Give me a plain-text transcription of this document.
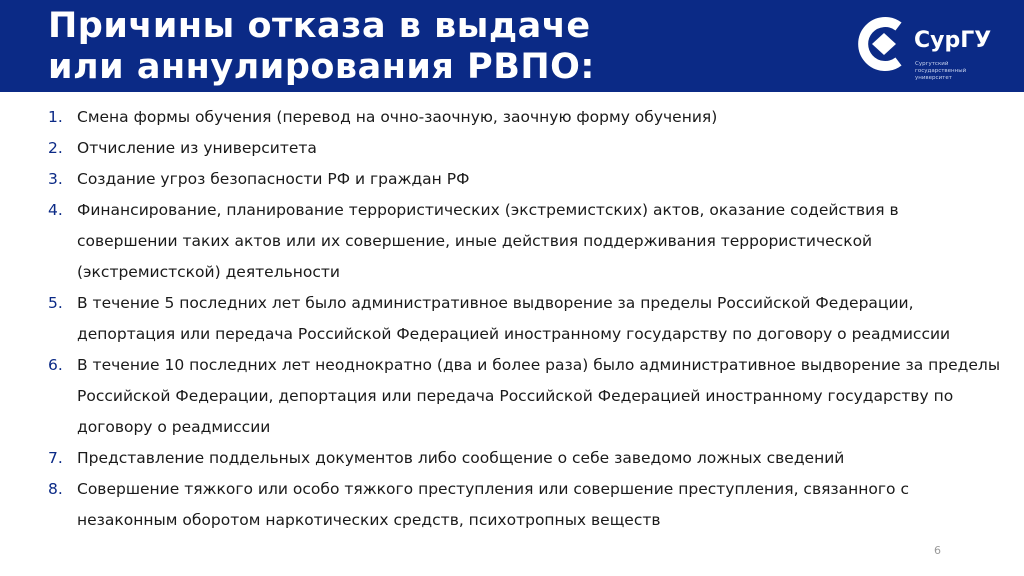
Причины отказа в выдаче
или аннулирования РВПО:
СурГУ
Сургутский государственный университет
1. Смена формы обучения (перевод на очно-заочную, заочную форму обучения)
2. Отчисление из университета
3. Создание угроз безопасности РФ и граждан РФ
4. Финансирование, планирование террористических (экстремистских) актов, оказание содействия в совершении таких актов или их совершение, иные действия поддерживания террористической (экстремистской) деятельности
5. В течение 5 последних лет было административное выдворение за пределы Российской Федерации, депортация или передача Российской Федерацией иностранному государству по договору о реадмиссии
6. В течение 10 последних лет неоднократно (два и более раза) было административное выдворение за пределы Российской Федерации, депортация или передача Российской Федерацией иностранному государству по договору о реадмиссии
7. Представление поддельных документов либо сообщение о себе заведомо ложных сведений
8. Совершение тяжкого или особо тяжкого преступления или совершение преступления, связанного с незаконным оборотом наркотических средств, психотропных веществ
6
